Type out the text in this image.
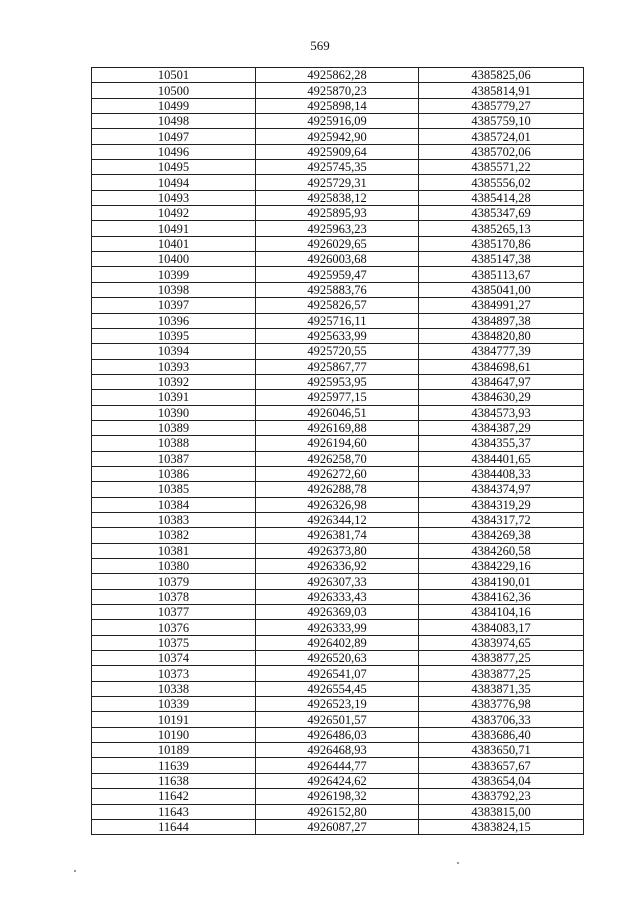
569
10501	4925862,28	4385825,06
10500	4925870,23	4385814,91
10499	4925898,14	4385779,27
10498	4925916,09	4385759,10
10497	4925942,90	4385724,01
10496	4925909,64	4385702,06
10495	4925745,35	4385571,22
10494	4925729,31	4385556,02
10493	4925838,12	4385414,28
10492	4925895,93	4385347,69
10491	4925963,23	4385265,13
10401	4926029,65	4385170,86
10400	4926003,68	4385147,38
10399	4925959,47	4385113,67
10398	4925883,76	4385041,00
10397	4925826,57	4384991,27
10396	4925716,11	4384897,38
10395	4925633,99	4384820,80
10394	4925720,55	4384777,39
10393	4925867,77	4384698,61
10392	4925953,95	4384647,97
10391	4925977,15	4384630,29
10390	4926046,51	4384573,93
10389	4926169,88	4384387,29
10388	4926194,60	4384355,37
10387	4926258,70	4384401,65
10386	4926272,60	4384408,33
10385	4926288,78	4384374,97
10384	4926326,98	4384319,29
10383	4926344,12	4384317,72
10382	4926381,74	4384269,38
10381	4926373,80	4384260,58
10380	4926336,92	4384229,16
10379	4926307,33	4384190,01
10378	4926333,43	4384162,36
10377	4926369,03	4384104,16
10376	4926333,99	4384083,17
10375	4926402,89	4383974,65
10374	4926520,63	4383877,25
10373	4926541,07	4383877,25
10338	4926554,45	4383871,35
10339	4926523,19	4383776,98
10191	4926501,57	4383706,33
10190	4926486,03	4383686,40
10189	4926468,93	4383650,71
11639	4926444,77	4383657,67
11638	4926424,62	4383654,04
11642	4926198,32	4383792,23
11643	4926152,80	4383815,00
11644	4926087,27	4383824,15
